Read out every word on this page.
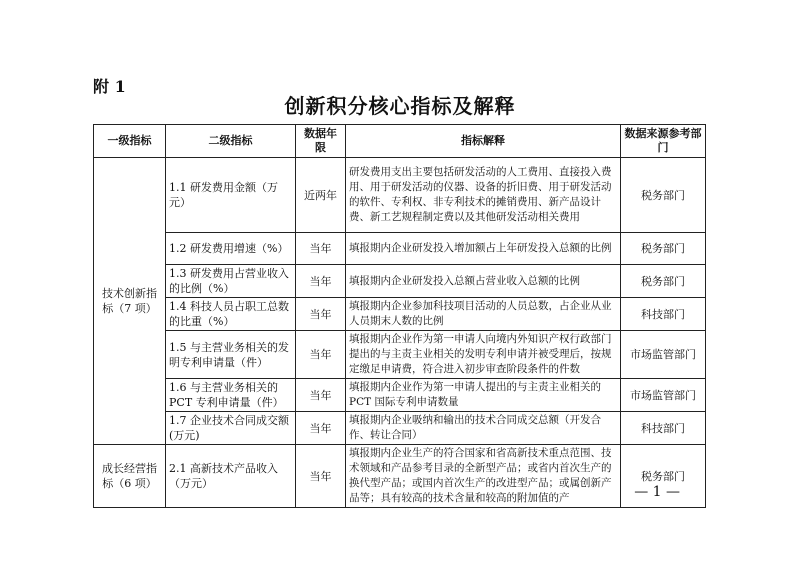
附 1
创新积分核心指标及解释
一级指标	二级指标	数据年限	指标解释	数据来源参考部门
技术创新指标（7 项）	1.1 研发费用金额（万元）	近两年	研发费用支出主要包括研发活动的人工费用、直接投入费用、用于研发活动的仪器、设备的折旧费、用于研发活动的软件、专利权、非专利技术的摊销费用、新产品设计费、新工艺规程制定费以及其他研发活动相关费用	税务部门
	1.2 研发费用增速（%）	当年	填报期内企业研发投入增加额占上年研发投入总额的比例	税务部门
	1.3 研发费用占营业收入的比例（%）	当年	填报期内企业研发投入总额占营业收入总额的比例	税务部门
	1.4 科技人员占职工总数的比重（%）	当年	填报期内企业参加科技项目活动的人员总数，占企业从业人员期末人数的比例	科技部门
	1.5 与主营业务相关的发明专利申请量（件）	当年	填报期内企业作为第一申请人向境内外知识产权行政部门提出的与主责主业相关的发明专利申请并被受理后，按规定缴足申请费，符合进入初步审查阶段条件的件数	市场监管部门
	1.6 与主营业务相关的 PCT 专利申请量（件）	当年	填报期内企业作为第一申请人提出的与主责主业相关的 PCT 国际专利申请数量	市场监管部门
	1.7 企业技术合同成交额(万元)	当年	填报期内企业吸纳和输出的技术合同成交总额（开发合作、转让合同）	科技部门
成长经营指标（6 项）	2.1 高新技术产品收入（万元）	当年	填报期内企业生产的符合国家和省高新技术重点范围、技术领域和产品参考目录的全新型产品；或省内首次生产的换代型产品；或国内首次生产的改进型产品；或属创新产品等；具有较高的技术含量和较高的附加值的产	税务部门
— 1 —
